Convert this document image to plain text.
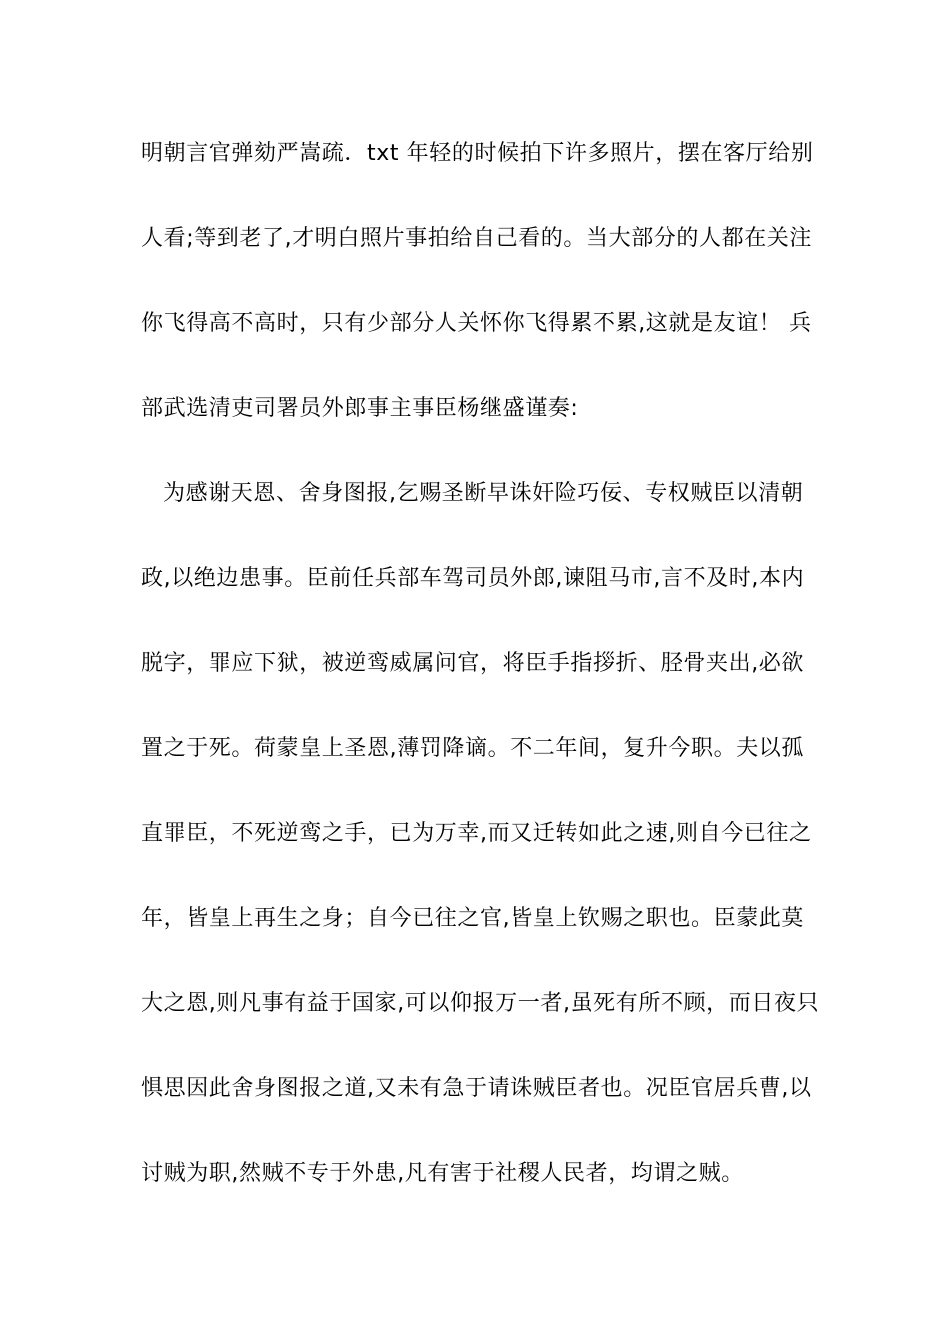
明朝言官弹劾严嵩疏．txt 年轻的时候拍下许多照片，摆在客厅给别
人看;等到老了,才明白照片事拍给自己看的。当大部分的人都在关注
你飞得高不高时，只有少部分人关怀你飞得累不累,这就是友谊！ 兵
部武选清吏司署员外郎事主事臣杨继盛谨奏:
为感谢天恩、舍身图报,乞赐圣断早诛奸险巧佞、专权贼臣以清朝
政,以绝边患事。臣前任兵部车驾司员外郎,谏阻马市,言不及时,本内
脱字，罪应下狱，被逆鸾威属问官，将臣手指拶折、胫骨夹出,必欲
置之于死。荷蒙皇上圣恩,薄罚降谪。不二年间，复升今职。夫以孤
直罪臣，不死逆鸾之手，已为万幸,而又迁转如此之速,则自今已往之
年，皆皇上再生之身；自今已往之官,皆皇上钦赐之职也。臣蒙此莫
大之恩,则凡事有益于国家,可以仰报万一者,虽死有所不顾，而日夜只
惧思因此舍身图报之道,又未有急于请诛贼臣者也。况臣官居兵曹,以
讨贼为职,然贼不专于外患,凡有害于社稷人民者，均谓之贼。
